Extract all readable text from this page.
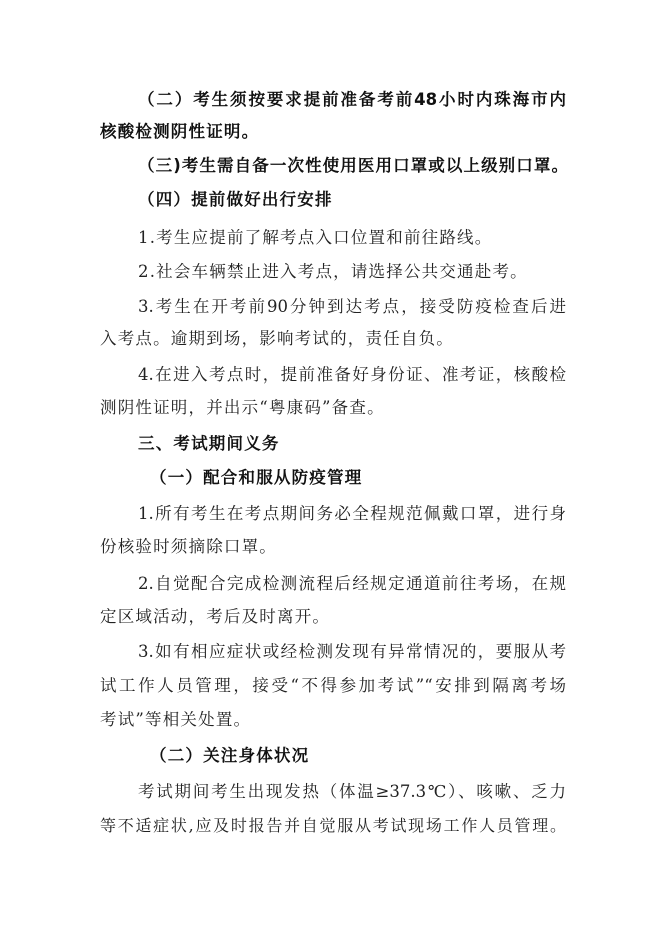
（二）考生须按要求提前准备考前48小时内珠海市内
核酸检测阴性证明。
（三)考生需自备一次性使用医用口罩或以上级别口罩。
（四）提前做好出行安排
1.考生应提前了解考点入口位置和前往路线。
2.社会车辆禁止进入考点，请选择公共交通赴考。
3.考生在开考前90分钟到达考点，接受防疫检查后进
入考点。逾期到场，影响考试的，责任自负。
4.在进入考点时，提前准备好身份证、准考证，核酸检
测阴性证明，并出示“粤康码”备查。
三、考试期间义务
（一）配合和服从防疫管理
1.所有考生在考点期间务必全程规范佩戴口罩，进行身
份核验时须摘除口罩。
2.自觉配合完成检测流程后经规定通道前往考场，在规
定区域活动，考后及时离开。
3.如有相应症状或经检测发现有异常情况的，要服从考
试工作人员管理，接受“不得参加考试”“安排到隔离考场
考试”等相关处置。
（二）关注身体状况
考试期间考生出现发热（体温≥37.3℃）、咳嗽、乏力
等不适症状,应及时报告并自觉服从考试现场工作人员管理。
